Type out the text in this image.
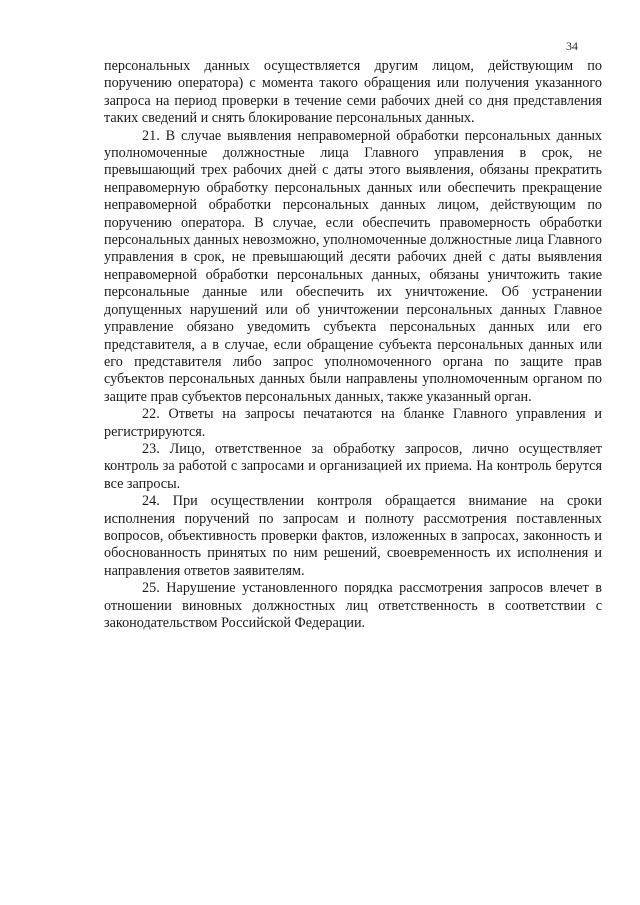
34

персональных данных осуществляется другим лицом, действующим по поручению оператора) с момента такого обращения или получения указанного запроса на период проверки в течение семи рабочих дней со дня представления таких сведений и снять блокирование персональных данных.

21. В случае выявления неправомерной обработки персональных данных уполномоченные должностные лица Главного управления в срок, не превышающий трех рабочих дней с даты этого выявления, обязаны прекратить неправомерную обработку персональных данных или обеспечить прекращение неправомерной обработки персональных данных лицом, действующим по поручению оператора. В случае, если обеспечить правомерность обработки персональных данных невозможно, уполномоченные должностные лица Главного управления в срок, не превышающий десяти рабочих дней с даты выявления неправомерной обработки персональных данных, обязаны уничтожить такие персональные данные или обеспечить их уничтожение. Об устранении допущенных нарушений или об уничтожении персональных данных Главное управление обязано уведомить субъекта персональных данных или его представителя, а в случае, если обращение субъекта персональных данных или его представителя либо запрос уполномоченного органа по защите прав субъектов персональных данных были направлены уполномоченным органом по защите прав субъектов персональных данных, также указанный орган.

22. Ответы на запросы печатаются на бланке Главного управления и регистрируются.

23. Лицо, ответственное за обработку запросов, лично осуществляет контроль за работой с запросами и организацией их приема. На контроль берутся все запросы.

24. При осуществлении контроля обращается внимание на сроки исполнения поручений по запросам и полноту рассмотрения поставленных вопросов, объективность проверки фактов, изложенных в запросах, законность и обоснованность принятых по ним решений, своевременность их исполнения и направления ответов заявителям.

25. Нарушение установленного порядка рассмотрения запросов влечет в отношении виновных должностных лиц ответственность в соответствии с законодательством Российской Федерации.
